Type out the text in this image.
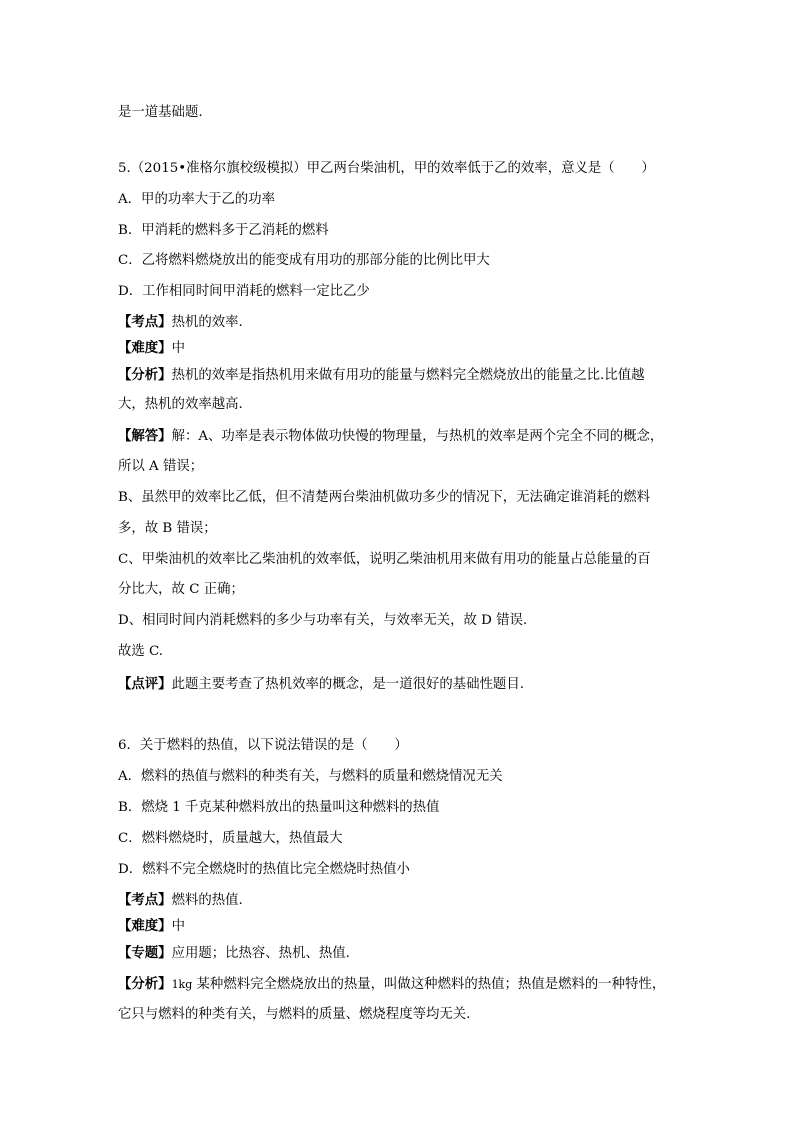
是一道基础题.

5.（2015•准格尔旗校级模拟）甲乙两台柴油机，甲的效率低于乙的效率，意义是（　　）

A．甲的功率大于乙的功率

B．甲消耗的燃料多于乙消耗的燃料

C．乙将燃料燃烧放出的能变成有用功的那部分能的比例比甲大

D．工作相同时间甲消耗的燃料一定比乙少

【考点】热机的效率.

【难度】中

【分析】热机的效率是指热机用来做有用功的能量与燃料完全燃烧放出的能量之比.比值越

大，热机的效率越高.

【解答】解：A、功率是表示物体做功快慢的物理量，与热机的效率是两个完全不同的概念，

所以 A 错误；

B、虽然甲的效率比乙低，但不清楚两台柴油机做功多少的情况下，无法确定谁消耗的燃料

多，故 B 错误；

C、甲柴油机的效率比乙柴油机的效率低，说明乙柴油机用来做有用功的能量占总能量的百

分比大，故 C 正确；

D、相同时间内消耗燃料的多少与功率有关，与效率无关，故 D 错误.

故选 C.

【点评】此题主要考查了热机效率的概念，是一道很好的基础性题目.

6．关于燃料的热值，以下说法错误的是（　　）

A．燃料的热值与燃料的种类有关，与燃料的质量和燃烧情况无关

B．燃烧 1 千克某种燃料放出的热量叫这种燃料的热值

C．燃料燃烧时，质量越大，热值最大

D．燃料不完全燃烧时的热值比完全燃烧时热值小

【考点】燃料的热值.

【难度】中

【专题】应用题；比热容、热机、热值.

【分析】1kg 某种燃料完全燃烧放出的热量，叫做这种燃料的热值；热值是燃料的一种特性，

它只与燃料的种类有关，与燃料的质量、燃烧程度等均无关.
